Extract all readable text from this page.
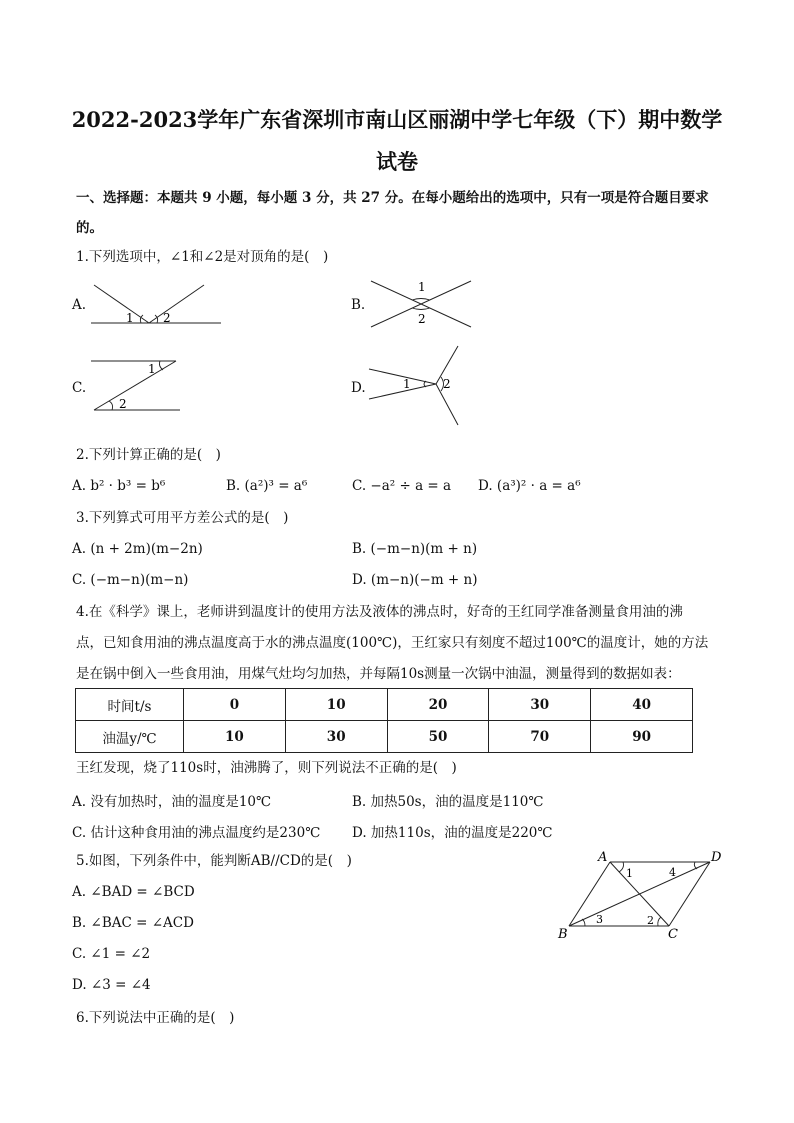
2022-2023学年广东省深圳市南山区丽湖中学七年级（下）期中数学
试卷
一、选择题：本题共 9 小题，每小题 3 分，共 27 分。在每小题给出的选项中，只有一项是符合题目要求
的。
1.下列选项中，∠1和∠2是对顶角的是(　)
A.
1 2
B.
1
2
C.
1
2
D.	1	2
2.下列计算正确的是(　)
A. b² · b³ = b⁶	B. (a²)³ = a⁶	C. −a² ÷ a = a D. (a³)² · a = a⁶
3.下列算式可用平方差公式的是(　)
A. (n + 2m)(m−2n)	B. (−m−n)(m + n)
C. (−m−n)(m−n)	D. (m−n)(−m + n)
4.在《科学》课上，老师讲到温度计的使用方法及液体的沸点时，好奇的王红同学准备测量食用油的沸
点，已知食用油的沸点温度高于水的沸点温度(100℃)，王红家只有刻度不超过100℃的温度计，她的方法
是在锅中倒入一些食用油，用煤气灶均匀加热，并每隔10s测量一次锅中油温，测量得到的数据如表：
时间t/s	0	10	20	30	40
油温y/℃	10	30	50	70	90
王红发现，烧了110s时，油沸腾了，则下列说法不正确的是(　)
A. 没有加热时，油的温度是10℃	B. 加热50s，油的温度是110℃
C. 估计这种食用油的沸点温度约是230℃ D. 加热110s，油的温度是220℃
5.如图，下列条件中，能判断AB//CD的是(　)
A. ∠BAD = ∠BCD
B. ∠BAC = ∠ACD
C. ∠1 = ∠2
D. ∠3 = ∠4
A	D
B	C
1
2
3
4
6.下列说法中正确的是(　)
